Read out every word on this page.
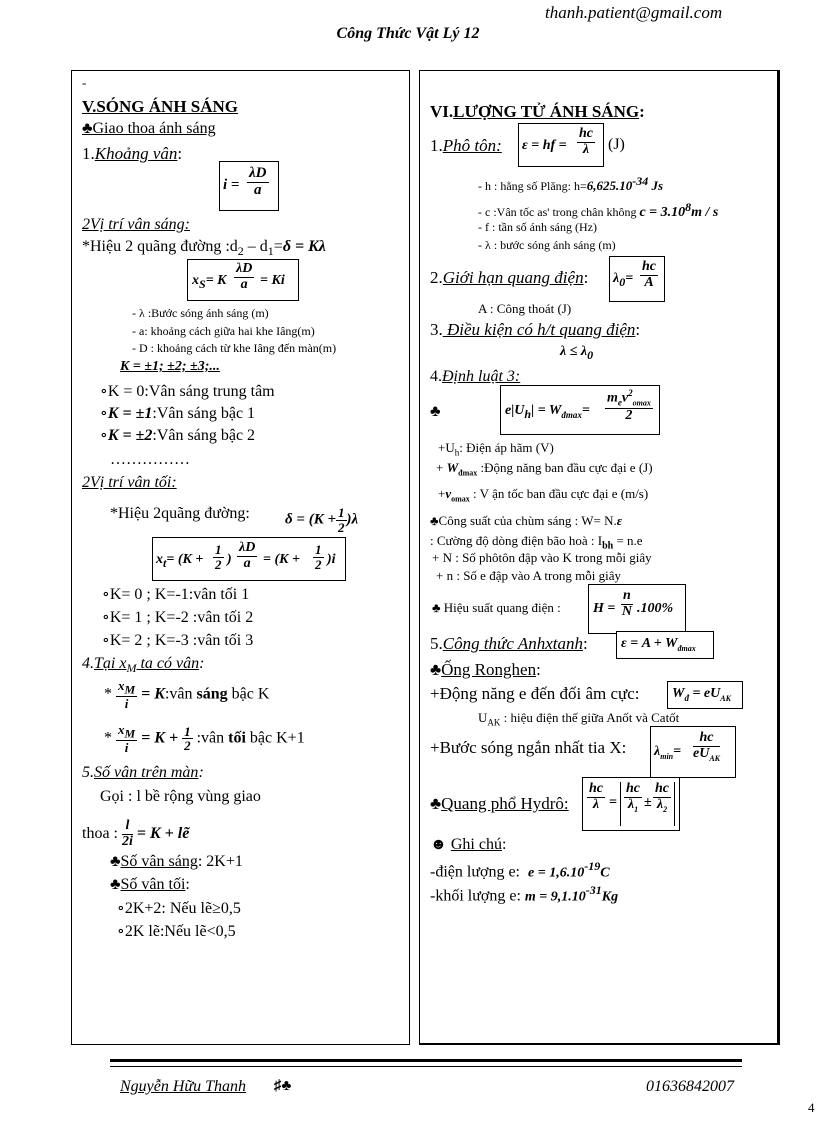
thanh.patient@gmail.com
Công Thức Vật Lý 12
-
V.SÓNG ÁNH SÁNG
♣Giao thoa ánh sáng
1.Khoảng vân:
$i = \frac{\lambda D}{a}$
2Vị trí vân sáng:
*Hiệu 2 quãng đường $:d_2 - d_1=\delta = K\lambda$
$x_S= K \frac{\lambda D}{a} = Ki$
- λ :Bước sóng ánh sáng (m)
- a: khoảng cách giữa hai khe Iâng(m)
- D : khoảng cách từ khe Iâng đến màn(m)
K = ±1; ±2; ±3;...
∘K = 0:Vân sáng trung tâm
∘K = ±1:Vân sáng bậc 1
∘K = ±2:Vân sáng bậc 2
……………
2Vị trí vân tối:
*Hiệu 2quãng đường: $\delta = (K + \frac{1}{2} )\lambda$
$x_t= (K + \frac{1}{2}$ ) $\frac{\lambda D}{a} = (K + \frac{1}{2} )i$
∘K= 0 ; K=-1:vân tối 1
∘K= 1 ; K=-2 :vân tối 2
∘K= 2 ; K=-3 :vân tối 3
4.Tại $x_M$ ta có vân:
* $\frac{x_M}{i}$ = K:vân sáng bậc K
* $\frac{x_M}{i} = K + \frac{1}{2}$ :vân tối bậc K+1
5.Số vân trên màn:
Gọi : l bề rộng vùng giao
thoa : $\frac{l}{2i} = K$ + lẽ
♣Số vân sáng: 2K+1
♣Số vân tối:
∘2K+2: Nếu lẽ≥0,5
∘2K lẽ:Nếu lẽ<0,5
VI.LƯỢNG TỬ ÁNH SÁNG:
1.Phô tôn: ε = hf = $\frac{hc}{\lambda} (J)$
- h : hằng số Plăng: $h=6,625.10^{-34}$ Js
- c :Vân tốc as' trong chân không $c = 3.10^8m / s$
- f : tần số ánh sáng (Hz)
- λ : bước sóng ánh sáng (m)
2.Giới hạn quang điện: $\lambda_0= \frac{hc}{A}$
A : Công thoát (J)
3. Điều kiện có h/t quang điện:
$\lambda \le \lambda_0$
4.Định luật 3:
♣	$e|U_h| = W_{đmax}=$
$m_ev^2_{omax}$
2
$+U_h$: Điện áp hãm (V)
+ $W_{đmax}$ :Động năng ban đầu cực đại e (J)
$+v_{omax}$ : V ận tốc ban đầu cực đại e (m/s)
♣Công suất của chùm sáng : W= N.ε
: Cường độ dòng điện bão hoà : $I_{bh} = n.e$
+ N : Số phôtôn đập vào K trong mỗi giây
+ n : Số e đập vào A trong mỗi giây
♣ Hiệu suất quang điện : $H = \frac{n}{N} .100\%$
5.Công thức Anhxtanh: $\varepsilon = A + W_{đmax}$
♣Ống Ronghen:
+Động năng e đến đối âm cực: $W_đ = eU_{AK}$
$U_{AK}$ : hiệu điện thế giữa Anốt và Catốt
+Bước sóng ngắn nhất tia X: $\lambda_{min}=$
hc
$eU_{AK}$
♣Quang phổ Hydrô: $\frac{hc}{\lambda} = \frac{hc}{\lambda_1} \pm \frac{hc}{\lambda_2}$
☻ Ghi chú:
-điện lượng e: $e = 1,6.10^{-19}C$
-khối lượng e: $m = 9,1.10^{-31}Kg$
Nguyễn Hữu Thanh ♯♣	01636842007
4
